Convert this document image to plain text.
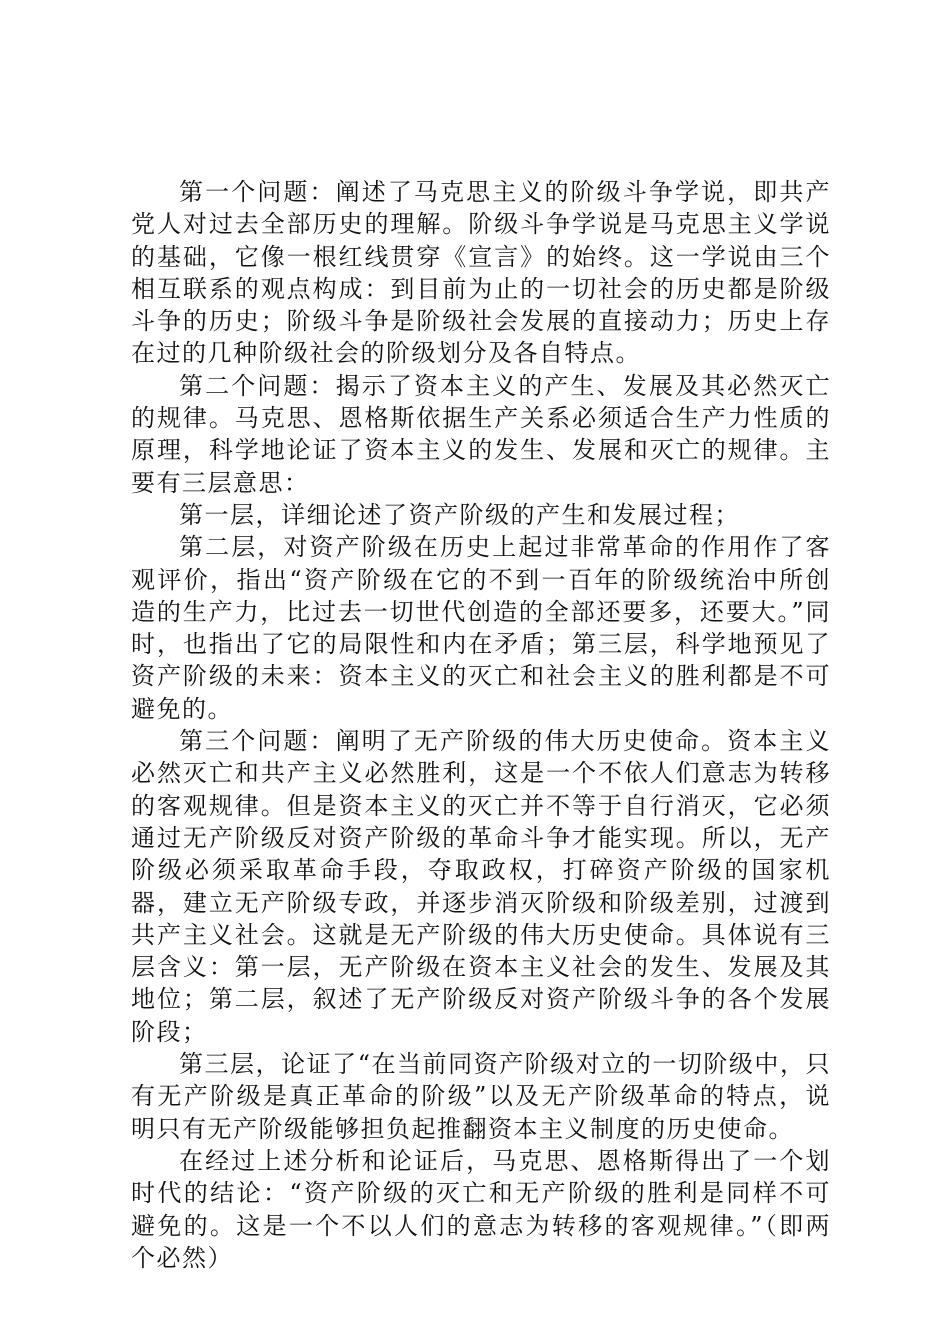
第一个问题：阐述了马克思主义的阶级斗争学说，即共产党人对过去全部历史的理解。阶级斗争学说是马克思主义学说的基础，它像一根红线贯穿《宣言》的始终。这一学说由三个相互联系的观点构成：到目前为止的一切社会的历史都是阶级斗争的历史；阶级斗争是阶级社会发展的直接动力；历史上存在过的几种阶级社会的阶级划分及各自特点。

第二个问题：揭示了资本主义的产生、发展及其必然灭亡的规律。马克思、恩格斯依据生产关系必须适合生产力性质的原理，科学地论证了资本主义的发生、发展和灭亡的规律。主要有三层意思：

第一层，详细论述了资产阶级的产生和发展过程；

第二层，对资产阶级在历史上起过非常革命的作用作了客观评价，指出“资产阶级在它的不到一百年的阶级统治中所创造的生产力，比过去一切世代创造的全部还要多，还要大。”同时，也指出了它的局限性和内在矛盾；第三层，科学地预见了资产阶级的未来：资本主义的灭亡和社会主义的胜利都是不可避免的。

第三个问题：阐明了无产阶级的伟大历史使命。资本主义必然灭亡和共产主义必然胜利，这是一个不依人们意志为转移的客观规律。但是资本主义的灭亡并不等于自行消灭，它必须通过无产阶级反对资产阶级的革命斗争才能实现。所以，无产阶级必须采取革命手段，夺取政权，打碎资产阶级的国家机器，建立无产阶级专政，并逐步消灭阶级和阶级差别，过渡到共产主义社会。这就是无产阶级的伟大历史使命。具体说有三层含义：第一层，无产阶级在资本主义社会的发生、发展及其地位；第二层，叙述了无产阶级反对资产阶级斗争的各个发展阶段；

第三层，论证了“在当前同资产阶级对立的一切阶级中，只有无产阶级是真正革命的阶级”以及无产阶级革命的特点，说明只有无产阶级能够担负起推翻资本主义制度的历史使命。

在经过上述分析和论证后，马克思、恩格斯得出了一个划时代的结论：“资产阶级的灭亡和无产阶级的胜利是同样不可避免的。这是一个不以人们的意志为转移的客观规律。”（即两个必然）
